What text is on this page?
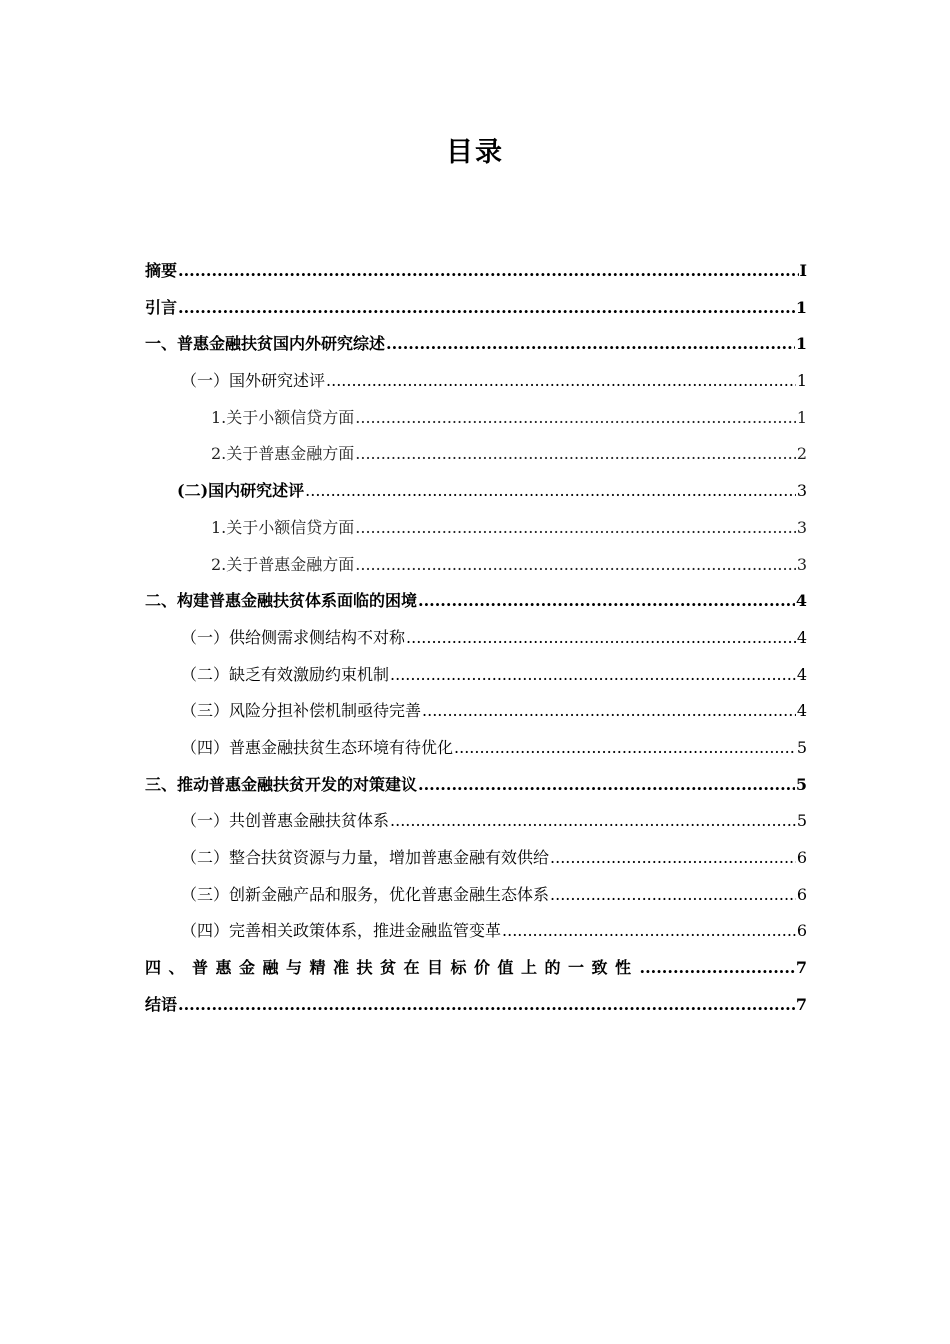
目录
摘要 .....	I
引言 .....	1
一、普惠金融扶贫国内外研究综述 .....	1
（一）国外研究述评 .....	1
1.关于小额信贷方面 .....	1
2.关于普惠金融方面 .....	2
(二)国内研究述评 .....	3
1.关于小额信贷方面 .....	3
2.关于普惠金融方面 .....	3
二、构建普惠金融扶贫体系面临的困境 .....	4
（一）供给侧需求侧结构不对称 .....	4
（二）缺乏有效激励约束机制 .....	4
（三）风险分担补偿机制亟待完善 .....	4
（四）普惠金融扶贫生态环境有待优化 .....	5
三、推动普惠金融扶贫开发的对策建议 .....	5
（一）共创普惠金融扶贫体系 .....	5
（二）整合扶贫资源与力量，增加普惠金融有效供给 .....	6
（三）创新金融产品和服务，优化普惠金融生态体系 .....	6
（四）完善相关政策体系，推进金融监管变革 .....	6
四、普惠金融与精准扶贫在目标价值上的一致性 .....	7
结语 .....	7
